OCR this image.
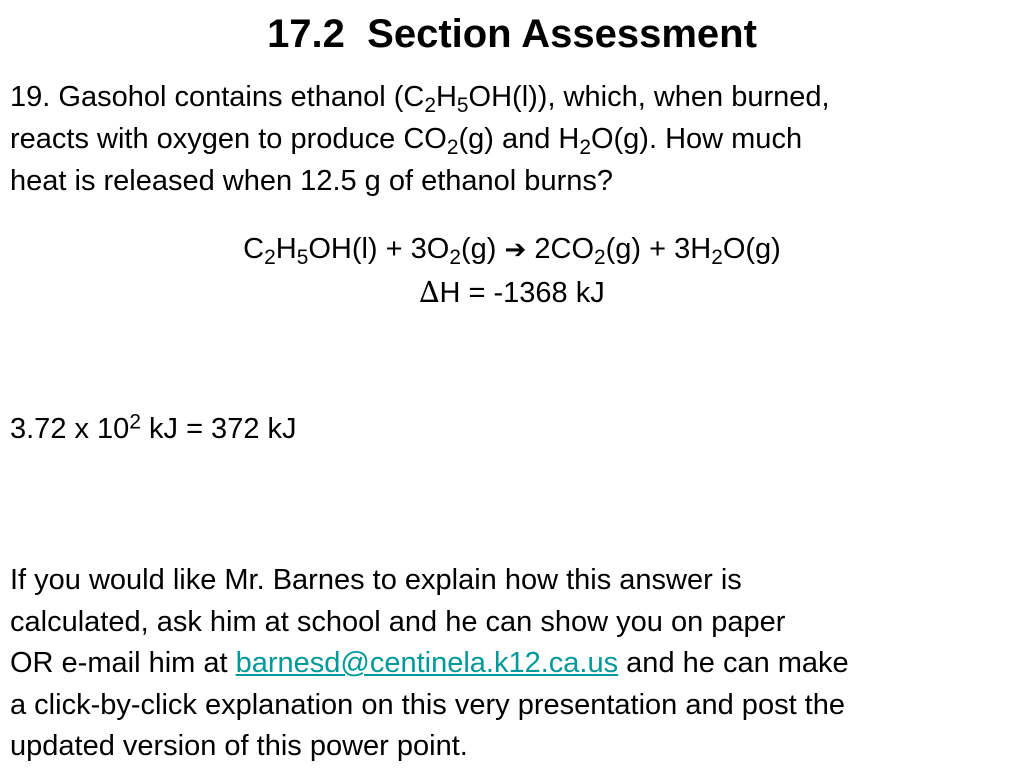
17.2  Section Assessment

19. Gasohol contains ethanol $(C_2H_5OH(l))$, which, when burned,

reacts with oxygen to produce $CO_2(g)$ and $H_2O(g)$. How much

heat is released when 12.5 g of ethanol burns?

$C_2H_5OH(l) + 3O_2(g)$ ➔ $2CO_2(g) + 3H_2O(g)$

∆H = -1368 kJ

3.72 x $10^2$ kJ = 372 kJ

If you would like Mr. Barnes to explain how this answer is

calculated, ask him at school and he can show you on paper

OR e-mail him at barnesd@centinela.k12.ca.us and he can make

a click-by-click explanation on this very presentation and post the

updated version of this power point.
